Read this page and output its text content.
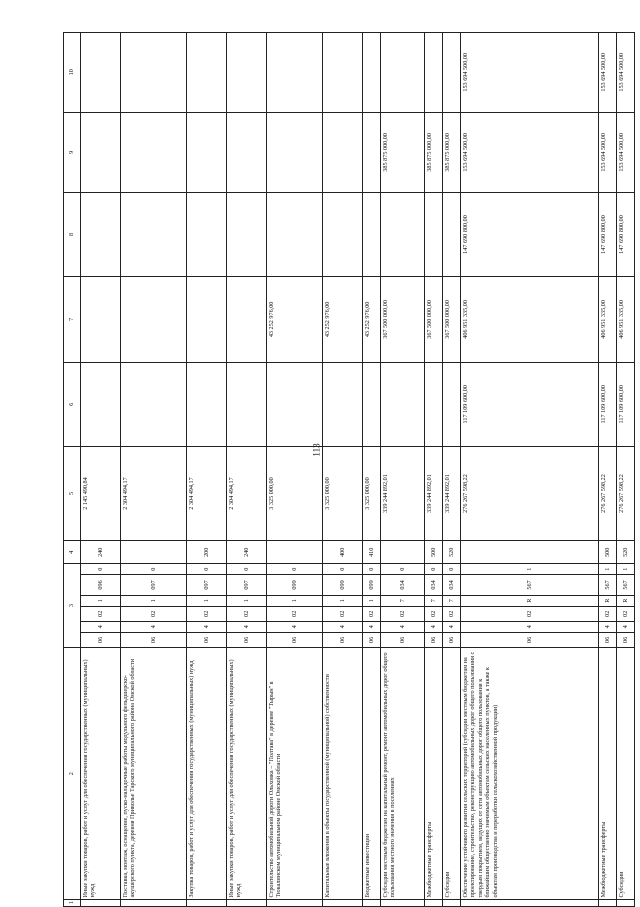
113
1	2	3						4	5	6	7	8	9	10
	Иные закупки товаров, работ и услуг для обеспечения государственных (муниципальных) нужд	06	4	02	1	096	0	240	2 145 490,84					
	Поставка, монтаж, оснащение, пуско-наладочные работы модульного фельдшерско-акушерского пункта, деревня Приволье Тарского муниципального района Омской области	06	4	02	1	097	0		2 304 494,17					
	Закупка товаров, работ и услуг для обеспечения государственных (муниципальных) нужд	06	4	02	1	097	0	200	2 304 494,17					
	Иные закупки товаров, работ и услуг для обеспечения государственных (муниципальных) нужд	06	4	02	1	097	0	240	2 304 494,17					
	Строительство автомобильной дороги Ольховка – "Полтава" в деревне "Тырын" в Тюкалинском муниципальном районе Омской области	06	4	02	1	099	0		3 325 000,00		43 252 976,00			
	Капитальные вложения в объекты государственной (муниципальной) собственности	06	4	02	1	099	0	400	3 325 000,00		43 252 976,00			
	Бюджетные инвестиции	06	4	02	1	099	0	410	3 325 000,00		43 252 976,00			
	Субсидии местным бюджетам на капитальный ремонт, ремонт автомобильных дорог общего пользования местного значения в поселениях	06	4	02	7	034	0		339 244 892,01		367 500 000,00		385 875 000,00	
	Межбюджетные трансферты	06	4	02	7	034	0	500	339 244 892,01		367 500 000,00		385 875 000,00	
	Субсидии	06	4	02	7	034	0	520	339 244 892,01		367 500 000,00		385 875 000,00	
	Обеспечение устойчивого развития сельских территорий (субсидии местным бюджетам на проектирование, строительство, реконструкцию автомобильных дорог общего пользования с твердым покрытием, ведущих от сети автомобильных дорог общего пользования к ближайшим общественно значимым объектам сельских населенных пунктов, а также к объектам производства и переработки сельскохозяйственной продукции)	06	4	02	R	567	1		276 267 598,22	117 109 600,00	406 951 335,00	147 690 800,00	153 694 500,00	153 694 500,00
	Межбюджетные трансферты	06	4	02	R	567	1	500	276 267 598,22	117 109 600,00	406 951 335,00	147 690 800,00	153 694 500,00	153 694 500,00
	Субсидии	06	4	02	R	567	1	520	276 267 598,22	117 109 600,00	406 951 335,00	147 690 800,00	153 694 500,00	153 694 500,00
